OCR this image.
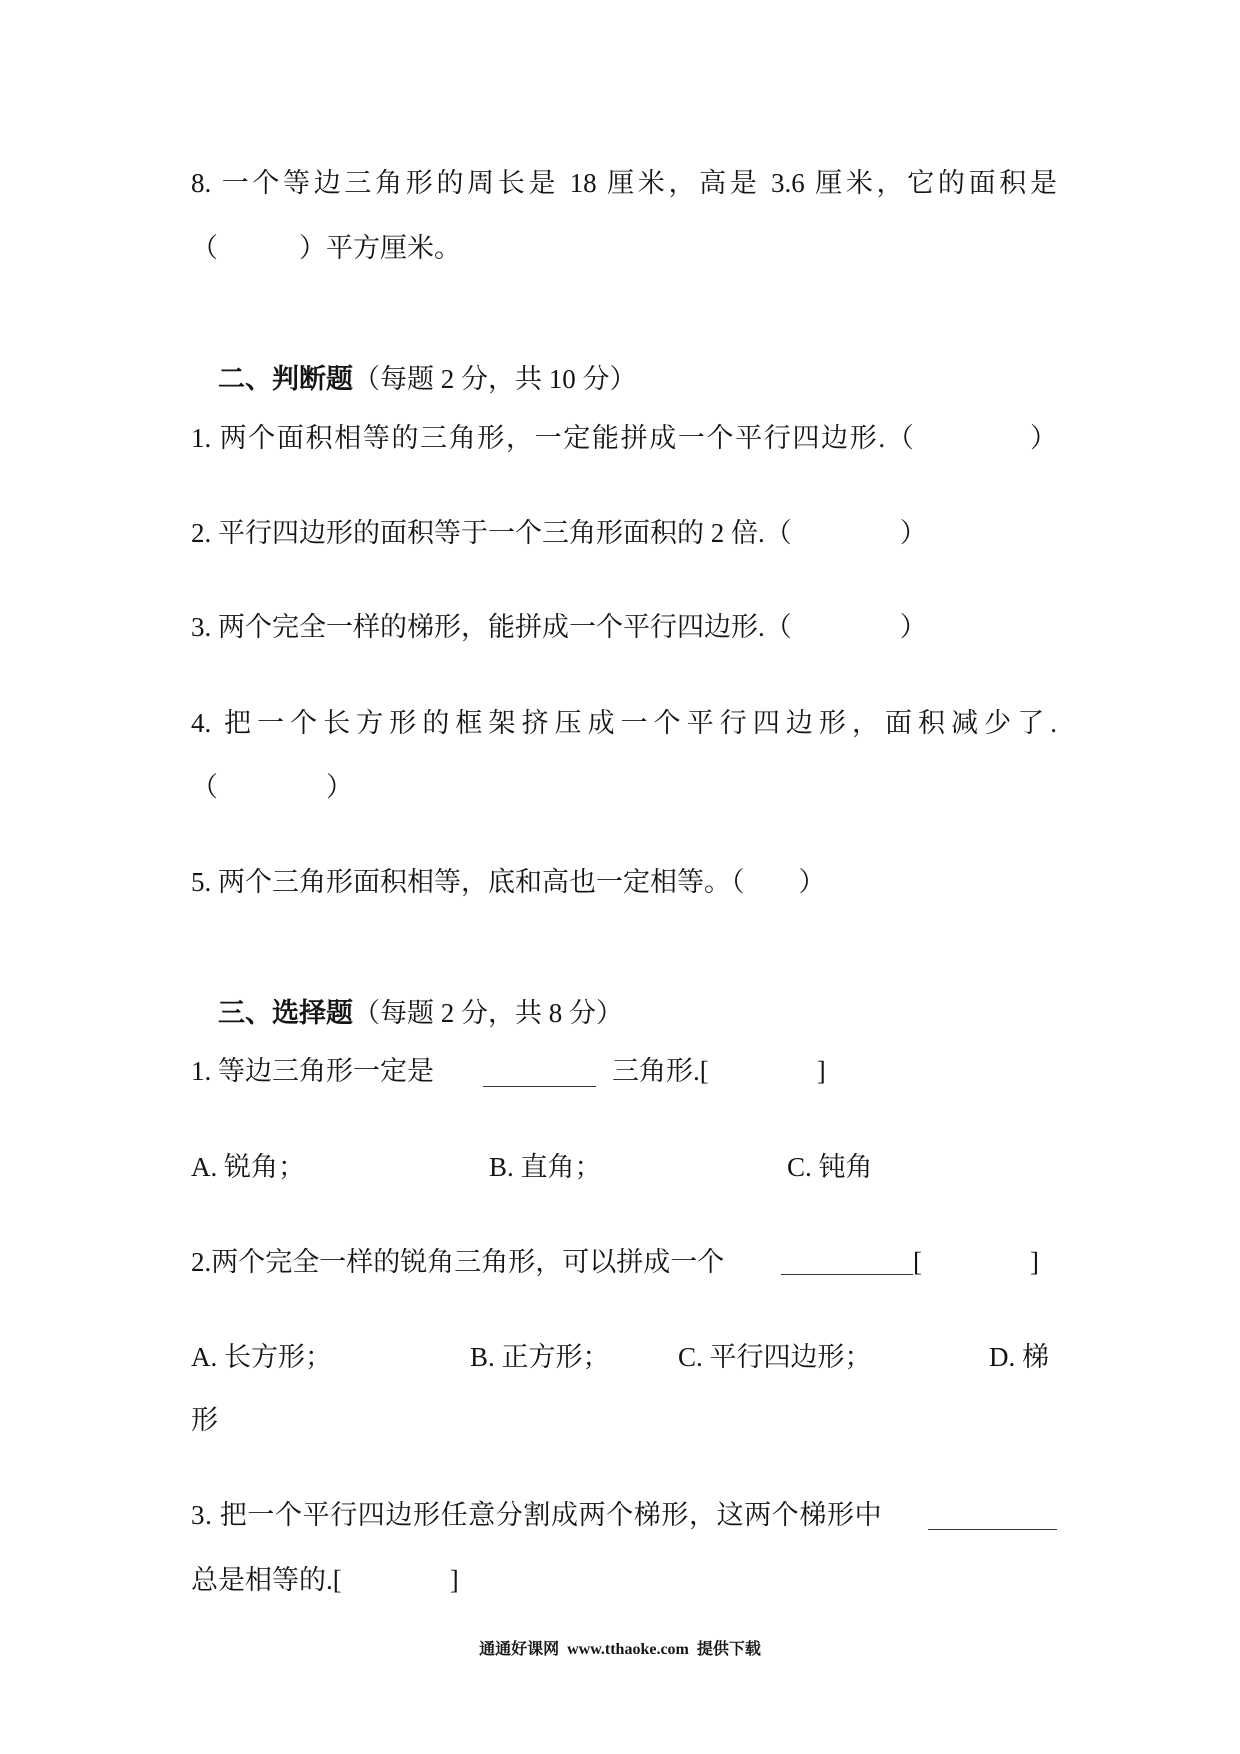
8. 一个等边三角形的周长是 18 厘米，高是 3.6 厘米，它的面积是
（　　　）平方厘米。

二、判断题（每题 2 分，共 10 分）

1. 两个面积相等的三角形，一定能拼成一个平行四边形.（　　　　）
2. 平行四边形的面积等于一个三角形面积的 2 倍.（　　　　）
3. 两个完全一样的梯形，能拼成一个平行四边形.（　　　　）
4. 把一个长方形的框架挤压成一个平行四边形，面积减少了.
（　　　　）
5. 两个三角形面积相等，底和高也一定相等。（　　）

三、选择题（每题 2 分，共 8 分）

1. 等边三角形一定是	三角形.[　　　　]
A. 锐角；	B. 直角；	C. 钝角
2.两个完全一样的锐角三角形，可以拼成一个	[　　　　]
A. 长方形；	B. 正方形；	C. 平行四边形；	D. 梯
形
3. 把一个平行四边形任意分割成两个梯形，这两个梯形中
总是相等的.[　　　　]
通通好课网  www.tthaoke.com  提供下载
